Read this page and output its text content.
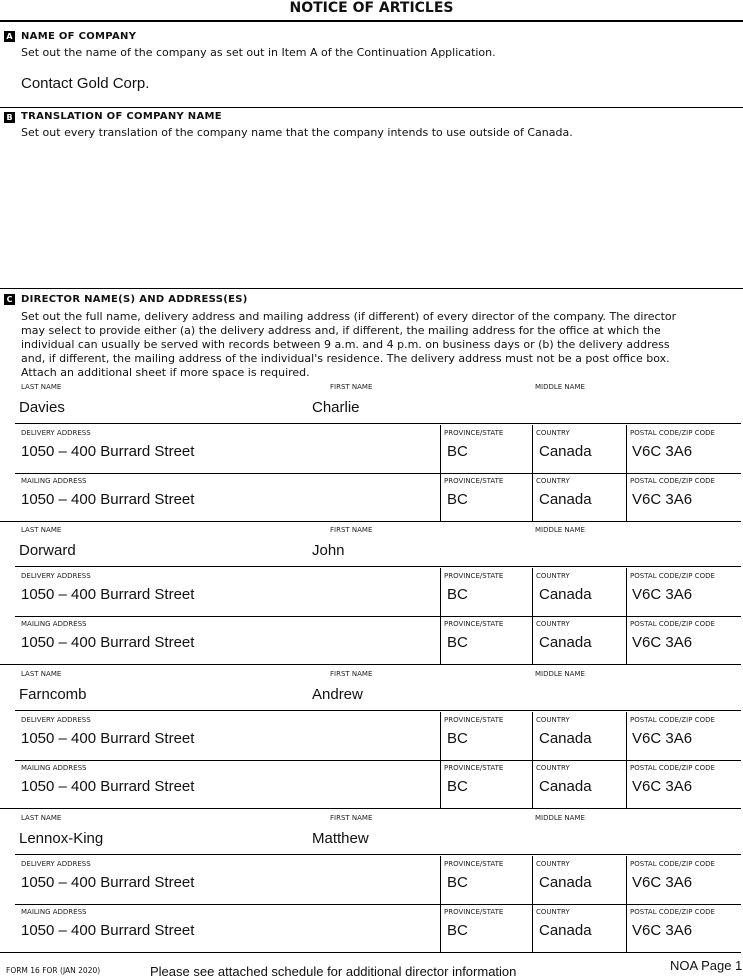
NOTICE OF ARTICLES
A NAME OF COMPANY
Set out the name of the company as set out in Item A of the Continuation Application.
Contact Gold Corp.
B TRANSLATION OF COMPANY NAME
Set out every translation of the company name that the company intends to use outside of Canada.
C DIRECTOR NAME(S) AND ADDRESS(ES)
Set out the full name, delivery address and mailing address (if different) of every director of the company. The director
may select to provide either (a) the delivery address and, if different, the mailing address for the office at which the
individual can usually be served with records between 9 a.m. and 4 p.m. on business days or (b) the delivery address
and, if different, the mailing address of the individual's residence. The delivery address must not be a post office box.
Attach an additional sheet if more space is required.
LAST NAME	FIRST NAME	MIDDLE NAME
Davies	Charlie
DELIVERY ADDRESS	PROVINCE/STATE	COUNTRY	POSTAL CODE/ZIP CODE
1050 – 400 Burrard Street	BC	Canada	V6C 3A6
MAILING ADDRESS	PROVINCE/STATE	COUNTRY	POSTAL CODE/ZIP CODE
1050 – 400 Burrard Street	BC	Canada	V6C 3A6
LAST NAME	FIRST NAME	MIDDLE NAME
Dorward	John
DELIVERY ADDRESS	PROVINCE/STATE	COUNTRY	POSTAL CODE/ZIP CODE
1050 – 400 Burrard Street	BC	Canada	V6C 3A6
MAILING ADDRESS	PROVINCE/STATE	COUNTRY	POSTAL CODE/ZIP CODE
1050 – 400 Burrard Street	BC	Canada	V6C 3A6
LAST NAME	FIRST NAME	MIDDLE NAME
Farncomb	Andrew
DELIVERY ADDRESS	PROVINCE/STATE	COUNTRY	POSTAL CODE/ZIP CODE
1050 – 400 Burrard Street	BC	Canada	V6C 3A6
MAILING ADDRESS	PROVINCE/STATE	COUNTRY	POSTAL CODE/ZIP CODE
1050 – 400 Burrard Street	BC	Canada	V6C 3A6
LAST NAME	FIRST NAME	MIDDLE NAME
Lennox-King	Matthew
DELIVERY ADDRESS	PROVINCE/STATE	COUNTRY	POSTAL CODE/ZIP CODE
1050 – 400 Burrard Street	BC	Canada	V6C 3A6
MAILING ADDRESS	PROVINCE/STATE	COUNTRY	POSTAL CODE/ZIP CODE
1050 – 400 Burrard Street	BC	Canada	V6C 3A6
FORM 16 FOR (JAN 2020)	Please see attached schedule for additional director information	NOA Page 1
